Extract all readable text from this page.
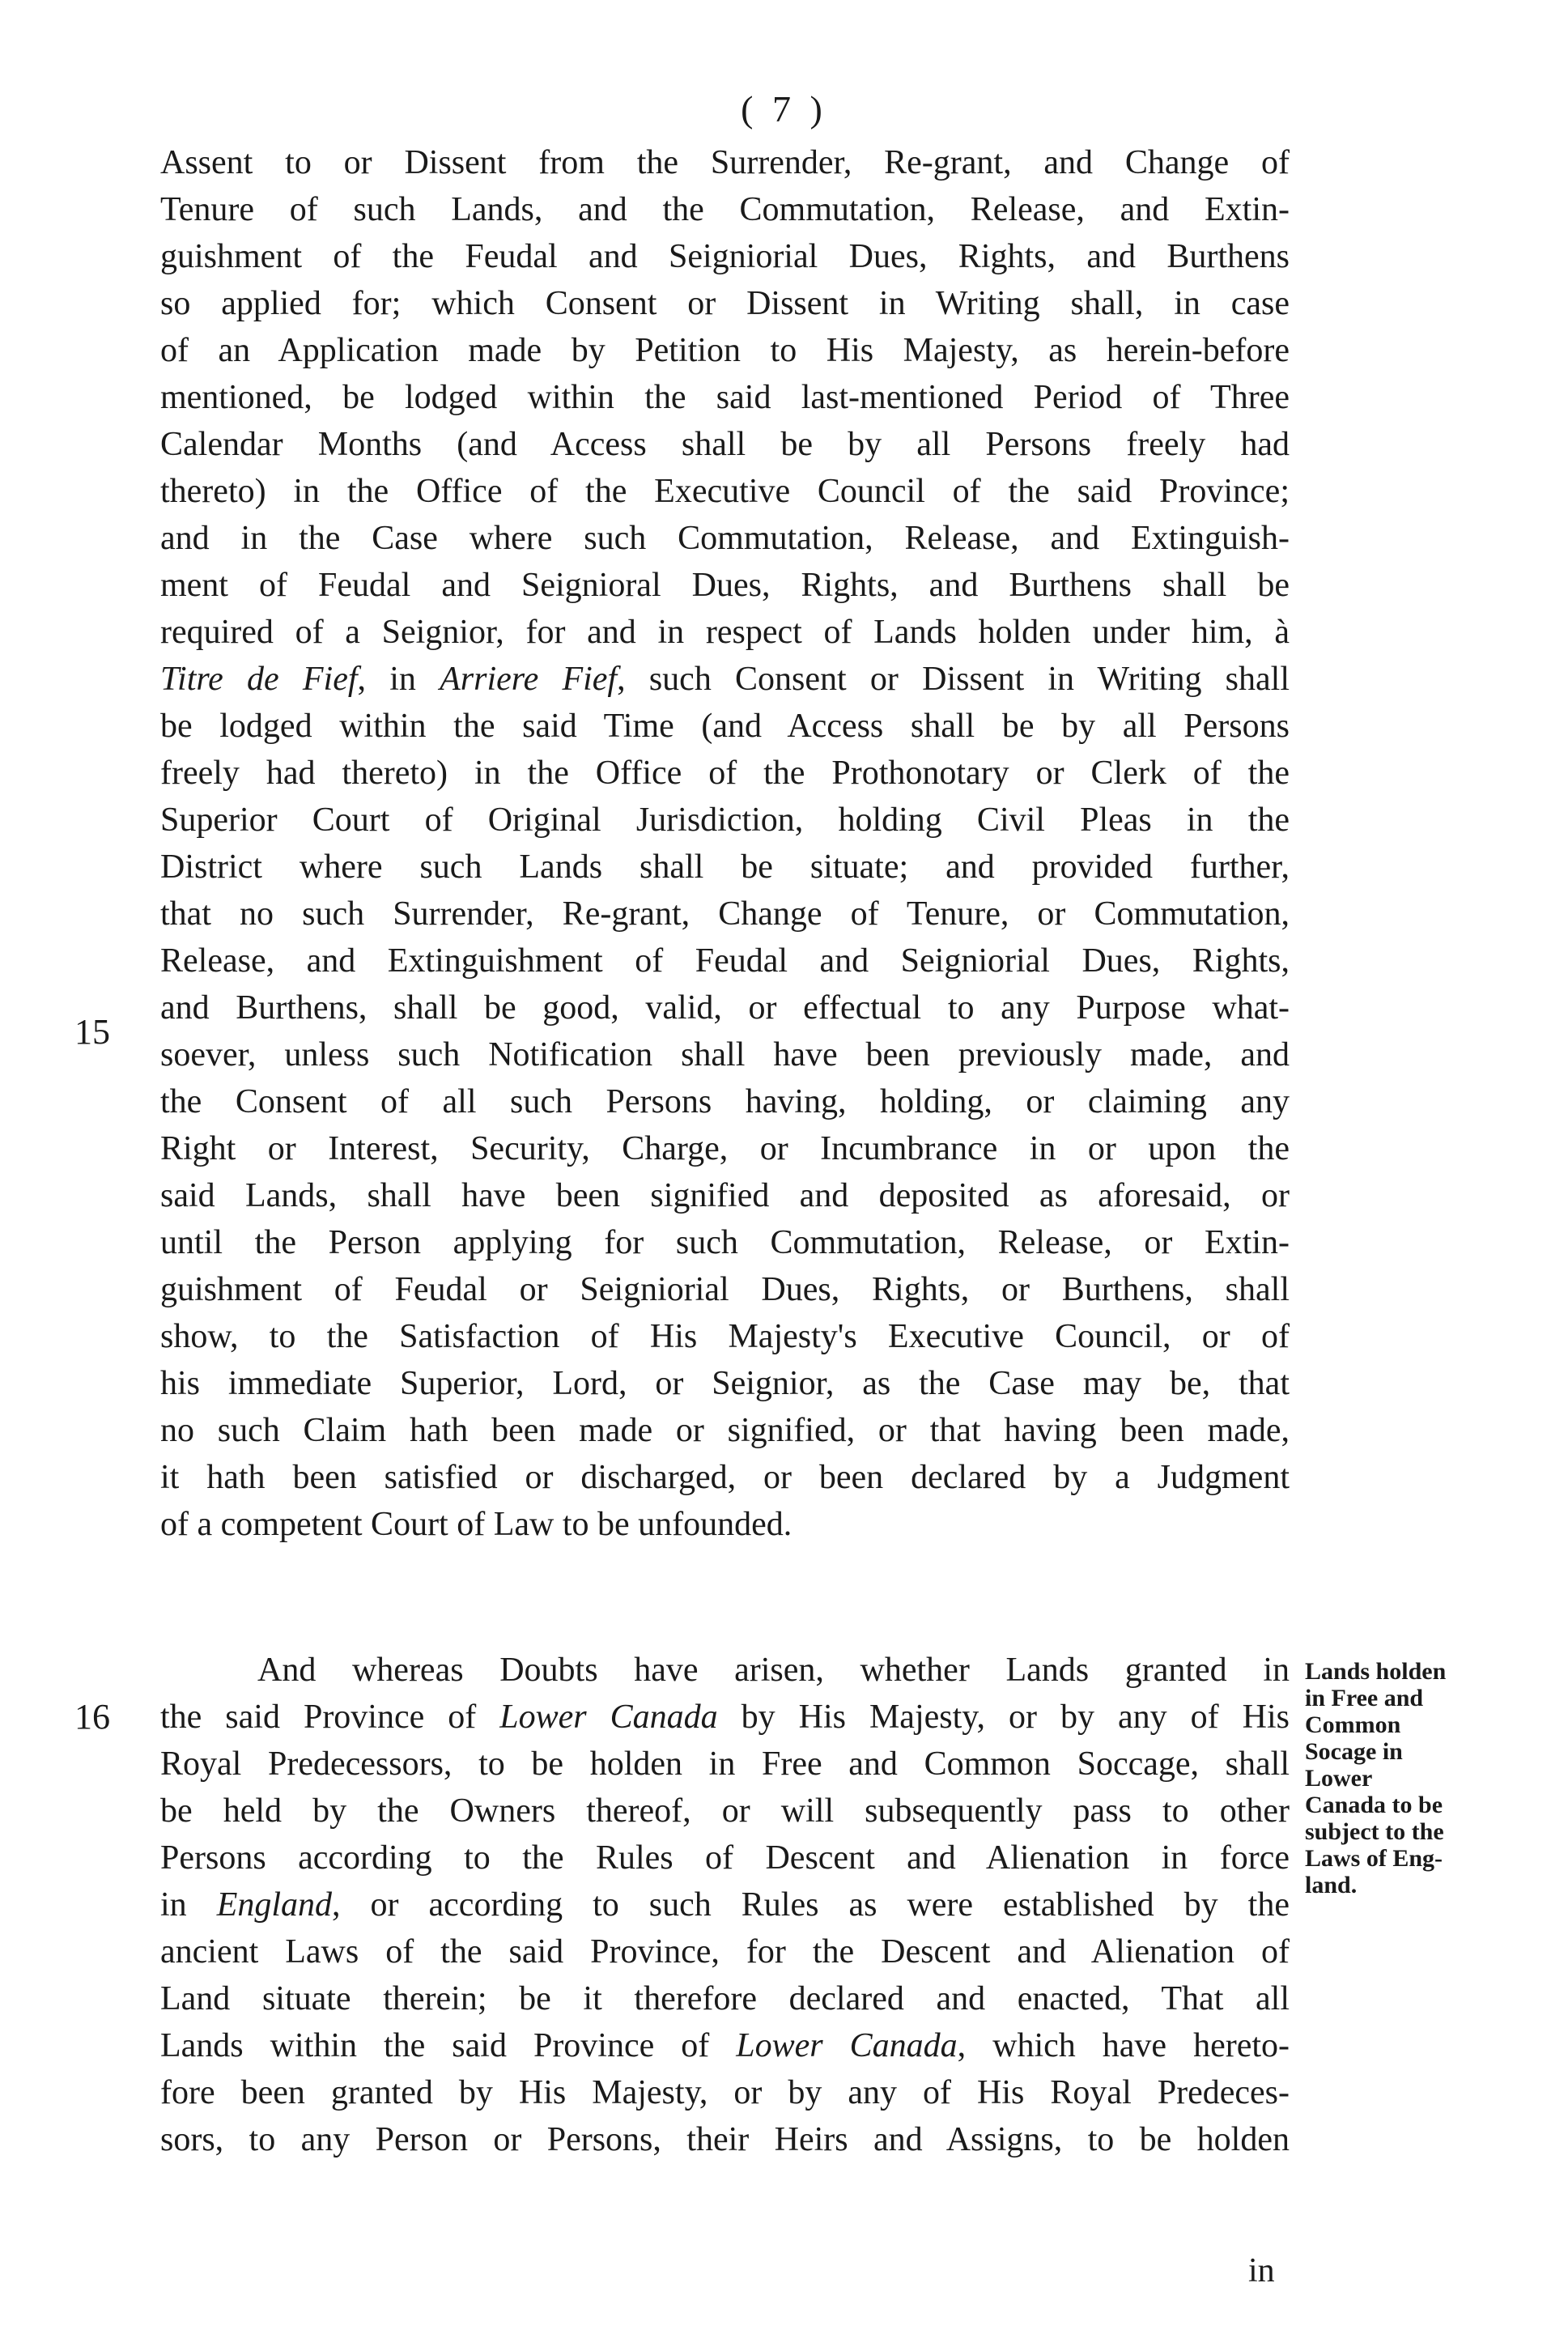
( 7 )
15
16
Assent to or Dissent from the Surrender, Re-grant, and Change of
Tenure of such Lands, and the Commutation, Release, and Extin-
guishment of the Feudal and Seigniorial Dues, Rights, and Burthens
so applied for; which Consent or Dissent in Writing shall, in case
of an Application made by Petition to His Majesty, as herein-before
mentioned, be lodged within the said last-mentioned Period of Three
Calendar Months (and Access shall be by all Persons freely had
thereto) in the Office of the Executive Council of the said Province;
and in the Case where such Commutation, Release, and Extinguish-
ment of Feudal and Seignioral Dues, Rights, and Burthens shall be
required of a Seignior, for and in respect of Lands holden under him, à
Titre de Fief, in Arriere Fief, such Consent or Dissent in Writing shall
be lodged within the said Time (and Access shall be by all Persons
freely had thereto) in the Office of the Prothonotary or Clerk of the
Superior Court of Original Jurisdiction, holding Civil Pleas in the
District where such Lands shall be situate; and provided further,
that no such Surrender, Re-grant, Change of Tenure, or Commutation,
Release, and Extinguishment of Feudal and Seigniorial Dues, Rights,
and Burthens, shall be good, valid, or effectual to any Purpose what-
soever, unless such Notification shall have been previously made, and
the Consent of all such Persons having, holding, or claiming any
Right or Interest, Security, Charge, or Incumbrance in or upon the
said Lands, shall have been signified and deposited as aforesaid, or
until the Person applying for such Commutation, Release, or Extin-
guishment of Feudal or Seigniorial Dues, Rights, or Burthens, shall
show, to the Satisfaction of His Majesty's Executive Council, or of
his immediate Superior, Lord, or Seignior, as the Case may be, that
no such Claim hath been made or signified, or that having been made,
it hath been satisfied or discharged, or been declared by a Judgment
of a competent Court of Law to be unfounded.
And whereas Doubts have arisen, whether Lands granted in
the said Province of Lower Canada by His Majesty, or by any of His
Royal Predecessors, to be holden in Free and Common Soccage, shall
be held by the Owners thereof, or will subsequently pass to other
Persons according to the Rules of Descent and Alienation in force
in England, or according to such Rules as were established by the
ancient Laws of the said Province, for the Descent and Alienation of
Land situate therein; be it therefore declared and enacted, That all
Lands within the said Province of Lower Canada, which have hereto-
fore been granted by His Majesty, or by any of His Royal Predeces-
sors, to any Person or Persons, their Heirs and Assigns, to be holden
Lands holden
in Free and
Common
Socage in
Lower
Canada to be
subject to the
Laws of Eng-
land.
in
